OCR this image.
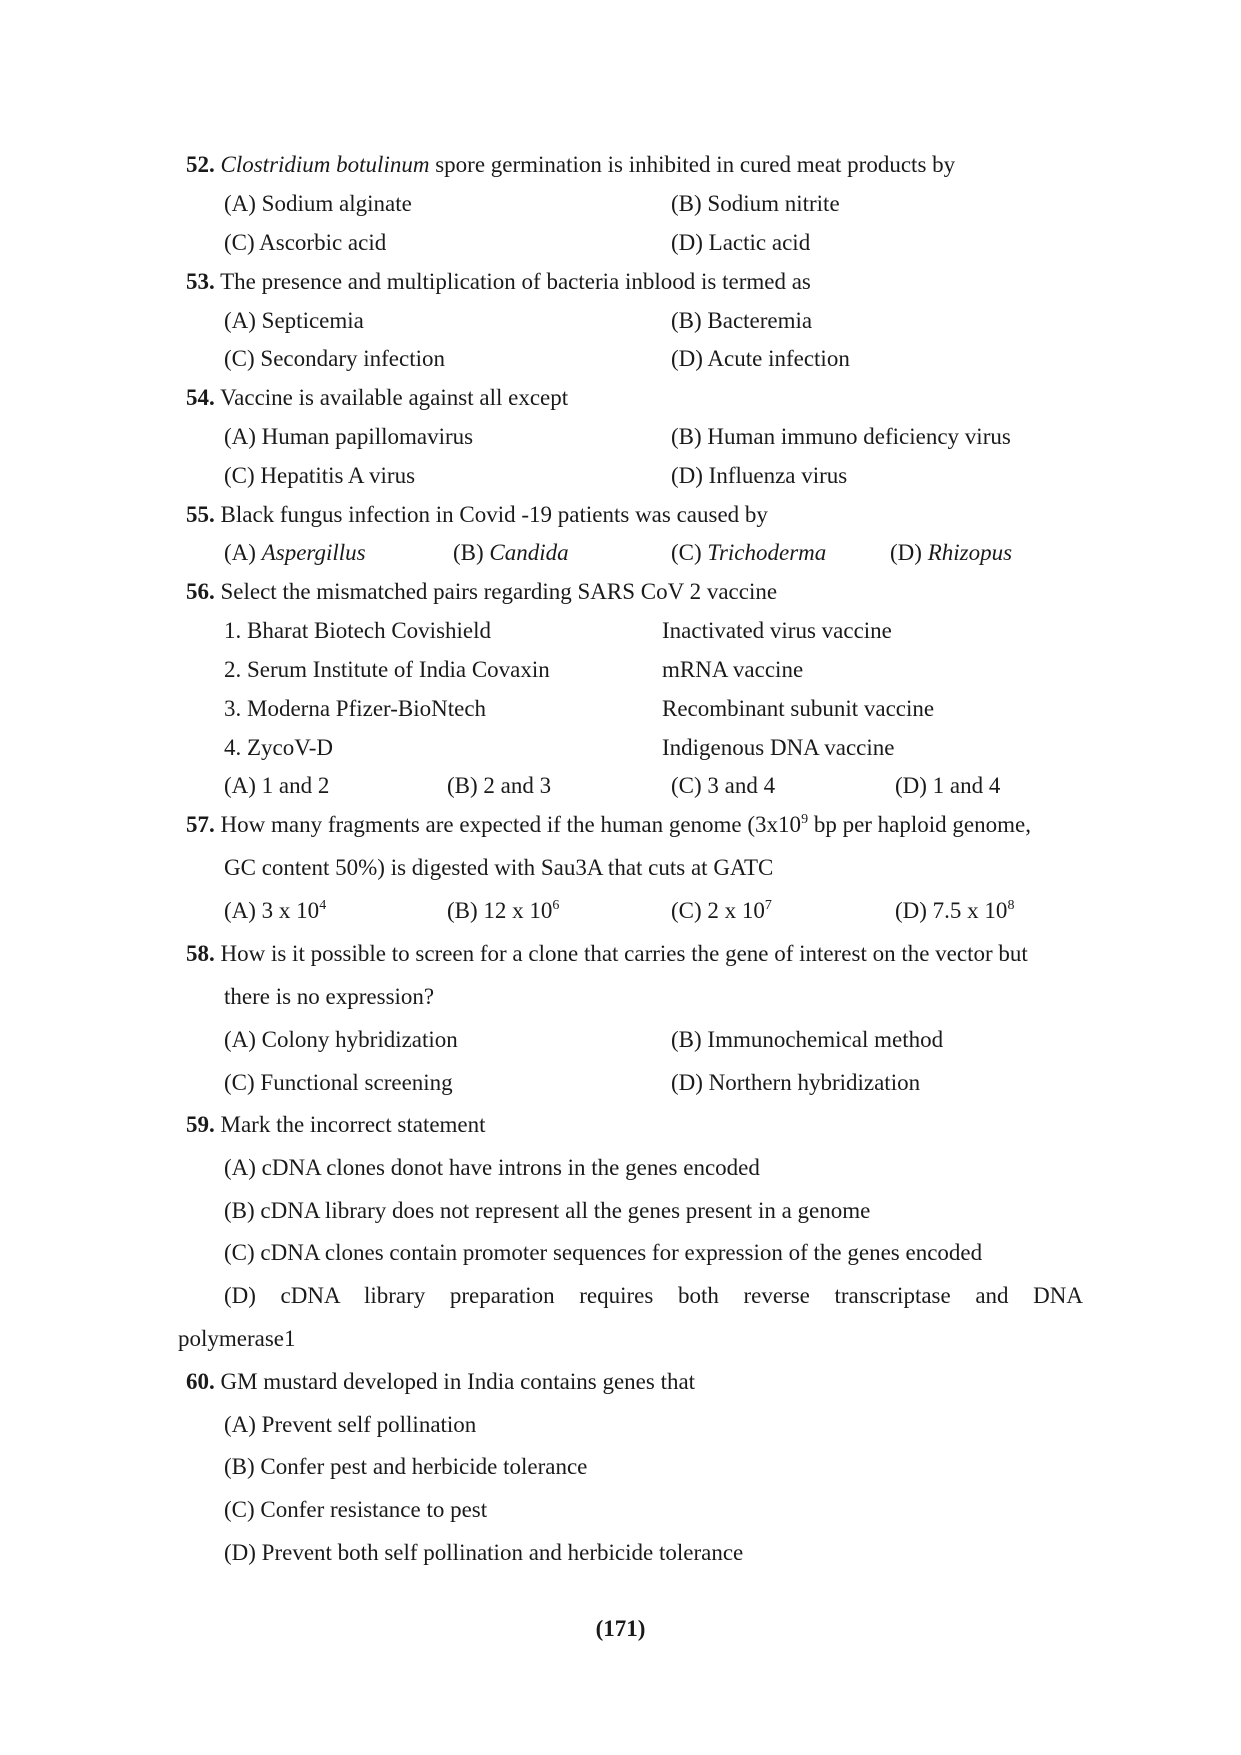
52. Clostridium botulinum spore germination is inhibited in cured meat products by
(A) Sodium alginate	(B) Sodium nitrite
(C) Ascorbic acid	(D) Lactic acid
53. The presence and multiplication of bacteria inblood is termed as
(A) Septicemia	(B) Bacteremia
(C) Secondary infection	(D) Acute infection
54. Vaccine is available against all except
(A) Human papillomavirus	(B) Human immuno deficiency virus
(C) Hepatitis A virus	(D) Influenza virus
55. Black fungus infection in Covid -19 patients was caused by
(A) Aspergillus	(B) Candida	(C) Trichoderma	(D) Rhizopus
56. Select the mismatched pairs regarding SARS CoV 2 vaccine
1. Bharat Biotech Covishield	Inactivated virus vaccine
2. Serum Institute of India Covaxin	mRNA vaccine
3. Moderna Pfizer-BioNtech	Recombinant subunit vaccine
4. ZycoV-D	Indigenous DNA vaccine
(A) 1 and 2	(B) 2 and 3	(C) 3 and 4	(D) 1 and 4
57. How many fragments are expected if the human genome ($3x10^9$ bp per haploid genome,
GC content 50%) is digested with Sau3A that cuts at GATC
(A) 3 x $10^4$	(B) 12 x $10^6$	(C) 2 x $10^7$	(D) 7.5 x $10^8$
58. How is it possible to screen for a clone that carries the gene of interest on the vector but
there is no expression?
(A) Colony hybridization	(B) Immunochemical method
(C) Functional screening	(D) Northern hybridization
59. Mark the incorrect statement
(A) cDNA clones donot have introns in the genes encoded
(B) cDNA library does not represent all the genes present in a genome
(C) cDNA clones contain promoter sequences for expression of the genes encoded
(D) cDNA library preparation requires both reverse transcriptase and DNA
polymerase1
60. GM mustard developed in India contains genes that
(A) Prevent self pollination
(B) Confer pest and herbicide tolerance
(C) Confer resistance to pest
(D) Prevent both self pollination and herbicide tolerance
(171)
